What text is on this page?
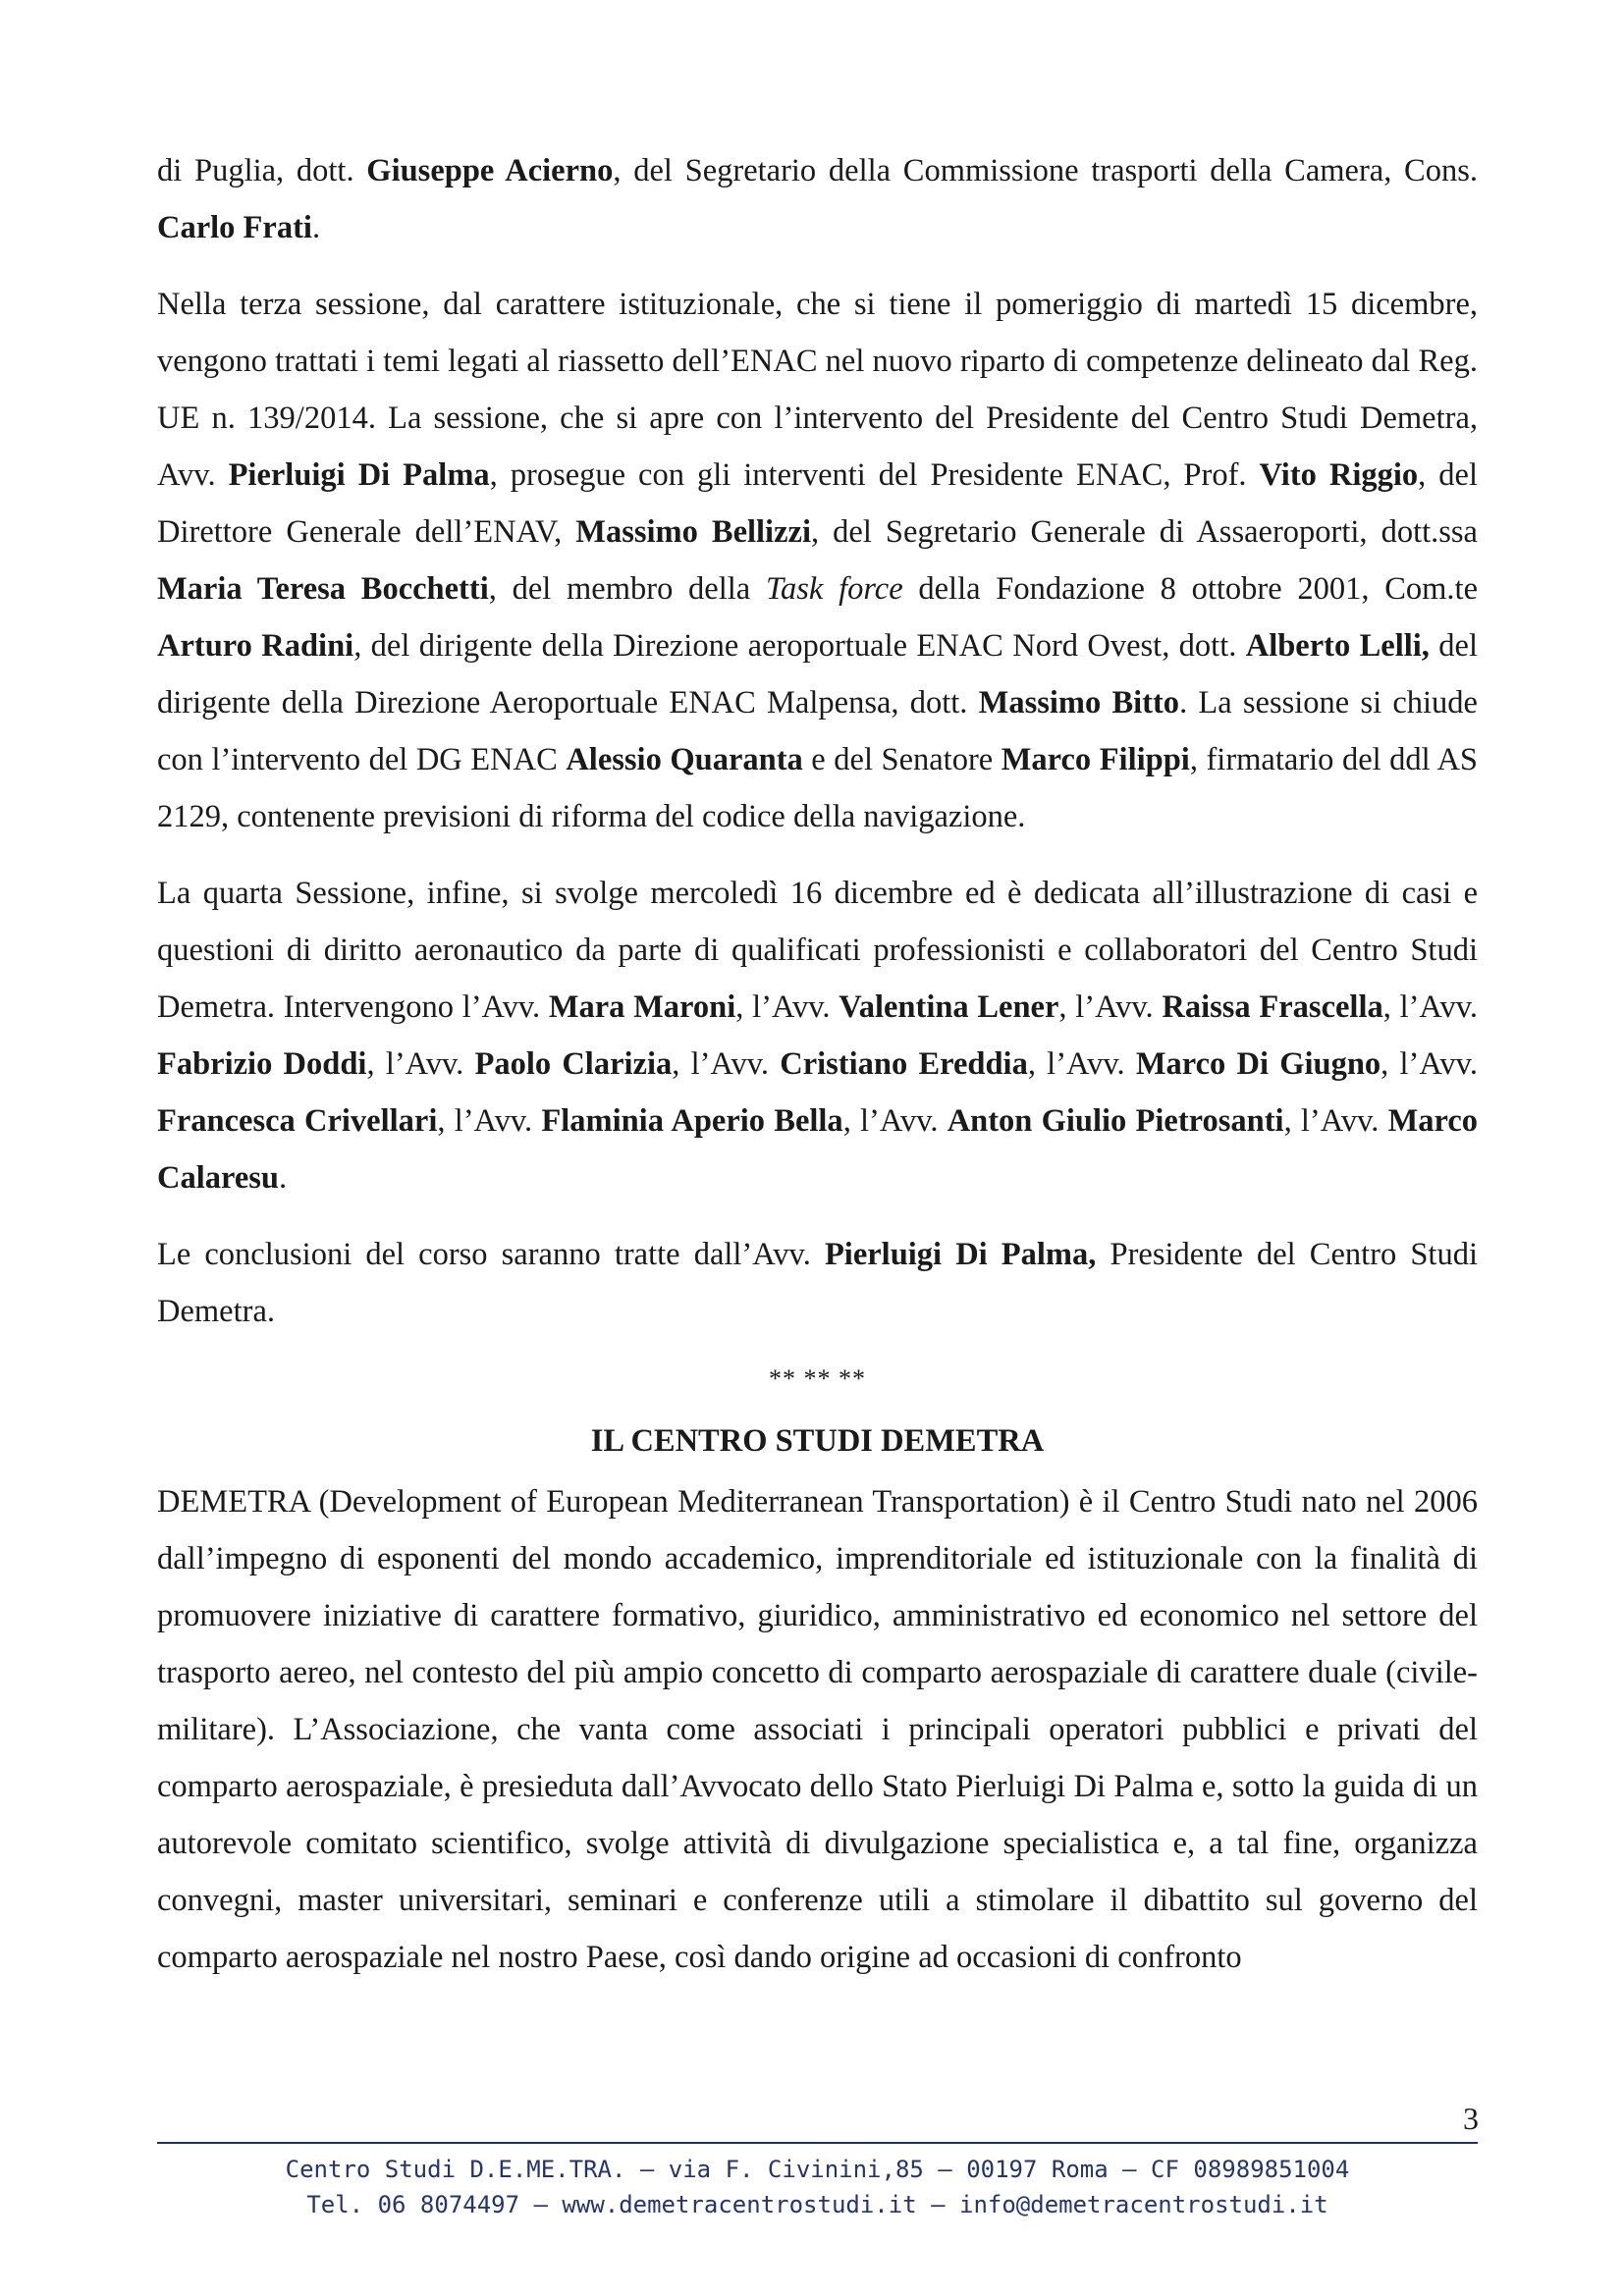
di Puglia, dott. Giuseppe Acierno, del Segretario della Commissione trasporti della Camera, Cons. Carlo Frati.

Nella terza sessione, dal carattere istituzionale, che si tiene il pomeriggio di martedì 15 dicembre, vengono trattati i temi legati al riassetto dell’ENAC nel nuovo riparto di competenze delineato dal Reg. UE n. 139/2014. La sessione, che si apre con l’intervento del Presidente del Centro Studi Demetra, Avv. Pierluigi Di Palma, prosegue con gli interventi del Presidente ENAC, Prof. Vito Riggio, del Direttore Generale dell’ENAV, Massimo Bellizzi, del Segretario Generale di Assaeroporti, dott.ssa Maria Teresa Bocchetti, del membro della Task force della Fondazione 8 ottobre 2001, Com.te Arturo Radini, del dirigente della Direzione aeroportuale ENAC Nord Ovest, dott. Alberto Lelli, del dirigente della Direzione Aeroportuale ENAC Malpensa, dott. Massimo Bitto. La sessione si chiude con l’intervento del DG ENAC Alessio Quaranta e del Senatore Marco Filippi, firmatario del ddl AS 2129, contenente previsioni di riforma del codice della navigazione.

La quarta Sessione, infine, si svolge mercoledì 16 dicembre ed è dedicata all’illustrazione di casi e questioni di diritto aeronautico da parte di qualificati professionisti e collaboratori del Centro Studi Demetra. Intervengono l’Avv. Mara Maroni, l’Avv. Valentina Lener, l’Avv. Raissa Frascella, l’Avv. Fabrizio Doddi, l’Avv. Paolo Clarizia, l’Avv. Cristiano Ereddia, l’Avv. Marco Di Giugno, l’Avv. Francesca Crivellari, l’Avv. Flaminia Aperio Bella, l’Avv. Anton Giulio Pietrosanti, l’Avv. Marco Calaresu.

Le conclusioni del corso saranno tratte dall’Avv. Pierluigi Di Palma, Presidente del Centro Studi Demetra.

** ** **
IL CENTRO STUDI DEMETRA

DEMETRA (Development of European Mediterranean Transportation) è il Centro Studi nato nel 2006 dall’impegno di esponenti del mondo accademico, imprenditoriale ed istituzionale con la finalità di promuovere iniziative di carattere formativo, giuridico, amministrativo ed economico nel settore del trasporto aereo, nel contesto del più ampio concetto di comparto aerospaziale di carattere duale (civile-militare). L’Associazione, che vanta come associati i principali operatori pubblici e privati del comparto aerospaziale, è presieduta dall’Avvocato dello Stato Pierluigi Di Palma e, sotto la guida di un autorevole comitato scientifico, svolge attività di divulgazione specialistica e, a tal fine, organizza convegni, master universitari, seminari e conferenze utili a stimolare il dibattito sul governo del comparto aerospaziale nel nostro Paese, così dando origine ad occasioni di confronto

3
Centro Studi D.E.ME.TRA. – via F. Civinini,85 – 00197 Roma – CF 08989851004
Tel. 06 8074497 – www.demetracentrostudi.it – info@demetracentrostudi.it
